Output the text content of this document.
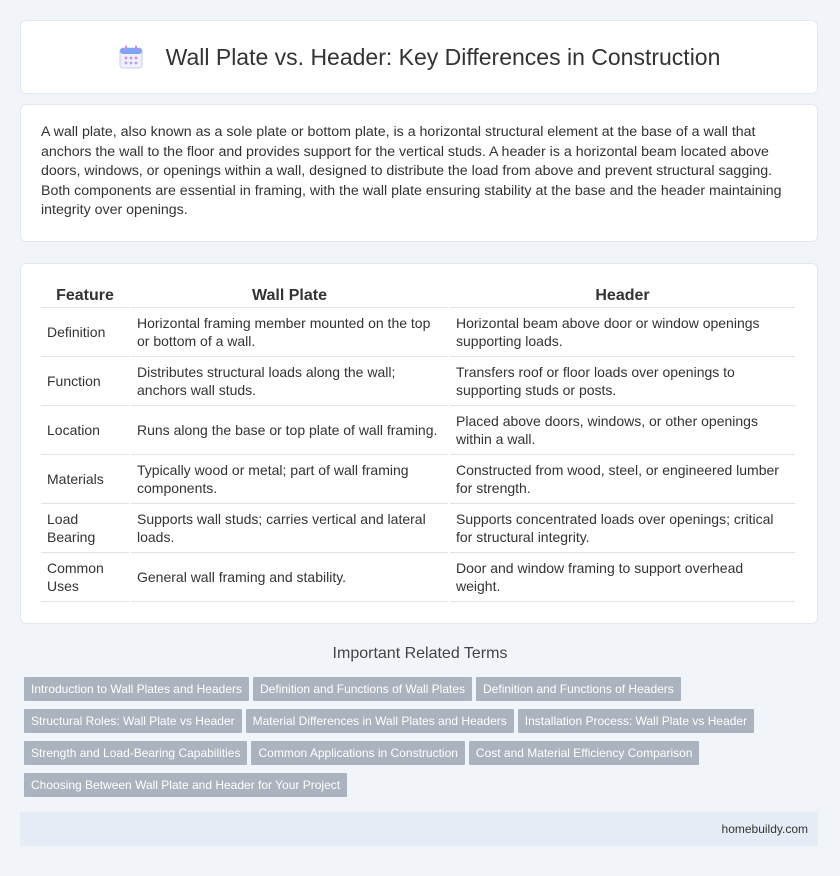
Wall Plate vs. Header: Key Differences in Construction

A wall plate, also known as a sole plate or bottom plate, is a horizontal structural element at the base of a wall that anchors the wall to the floor and provides support for the vertical studs. A header is a horizontal beam located above doors, windows, or openings within a wall, designed to distribute the load from above and prevent structural sagging. Both components are essential in framing, with the wall plate ensuring stability at the base and the header maintaining integrity over openings.

Feature	Wall Plate	Header
Definition	Horizontal framing member mounted on the top or bottom of a wall.	Horizontal beam above door or window openings supporting loads.
Function	Distributes structural loads along the wall; anchors wall studs.	Transfers roof or floor loads over openings to supporting studs or posts.
Location	Runs along the base or top plate of wall framing.	Placed above doors, windows, or other openings within a wall.
Materials	Typically wood or metal; part of wall framing components.	Constructed from wood, steel, or engineered lumber for strength.
Load Bearing	Supports wall studs; carries vertical and lateral loads.	Supports concentrated loads over openings; critical for structural integrity.
Common Uses	General wall framing and stability.	Door and window framing to support overhead weight.
Important Related Terms
Introduction to Wall Plates and Headers	Definition and Functions of Wall Plates	Definition and Functions of Headers
Structural Roles: Wall Plate vs Header	Material Differences in Wall Plates and Headers	Installation Process: Wall Plate vs Header
Strength and Load-Bearing Capabilities	Common Applications in Construction	Cost and Material Efficiency Comparison
Choosing Between Wall Plate and Header for Your Project
homebuildy.com
